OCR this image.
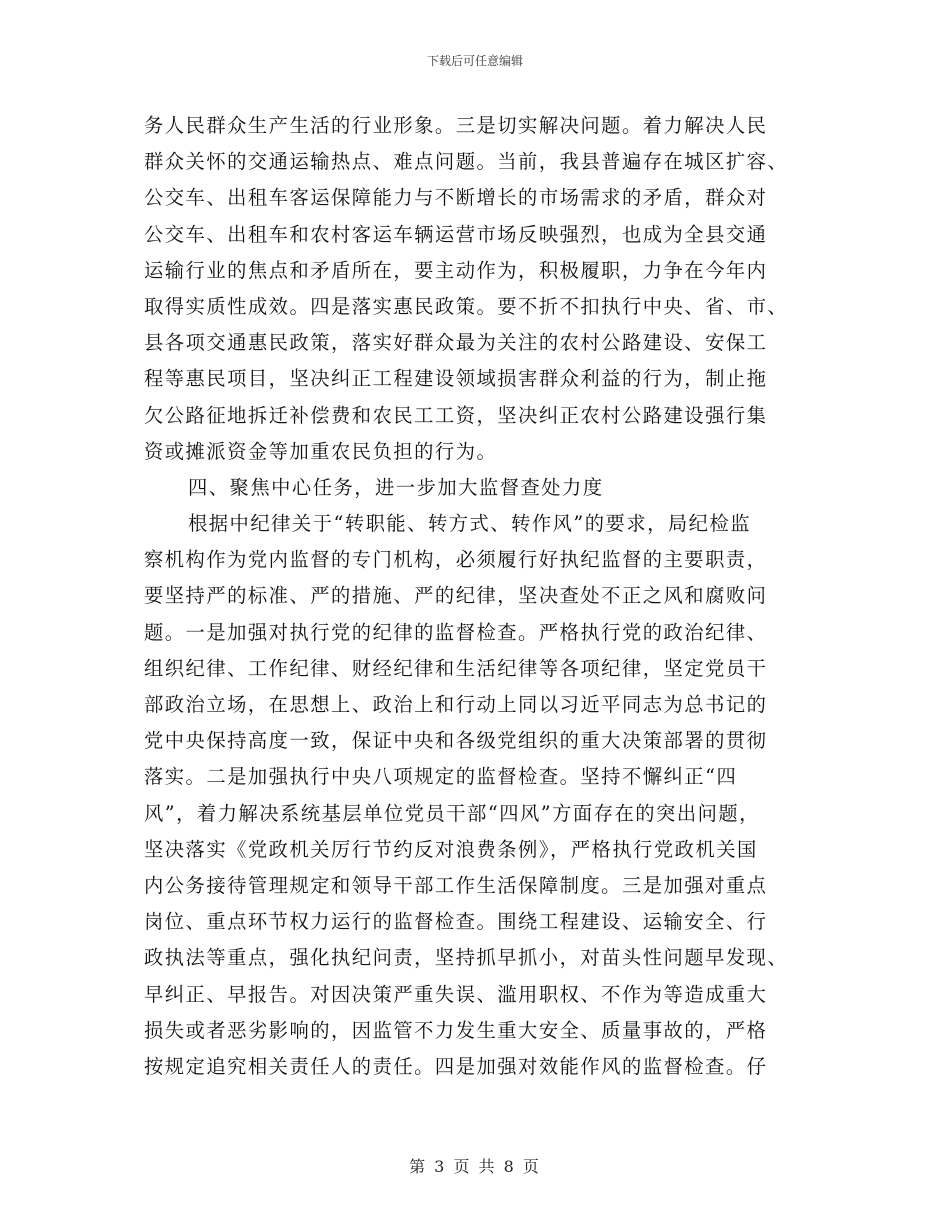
下载后可任意编辑
务人民群众生产生活的行业形象。三是切实解决问题。着力解决人民
群众关怀的交通运输热点、难点问题。当前，我县普遍存在城区扩容、
公交车、出租车客运保障能力与不断增长的市场需求的矛盾，群众对
公交车、出租车和农村客运车辆运营市场反映强烈，也成为全县交通
运输行业的焦点和矛盾所在，要主动作为，积极履职，力争在今年内
取得实质性成效。四是落实惠民政策。要不折不扣执行中央、省、市、
县各项交通惠民政策，落实好群众最为关注的农村公路建设、安保工
程等惠民项目，坚决纠正工程建设领域损害群众利益的行为，制止拖
欠公路征地拆迁补偿费和农民工工资，坚决纠正农村公路建设强行集
资或摊派资金等加重农民负担的行为。
四、聚焦中心任务，进一步加大监督查处力度
根据中纪律关于“转职能、转方式、转作风”的要求，局纪检监
察机构作为党内监督的专门机构，必须履行好执纪监督的主要职责，
要坚持严的标准、严的措施、严的纪律，坚决查处不正之风和腐败问
题。一是加强对执行党的纪律的监督检查。严格执行党的政治纪律、
组织纪律、工作纪律、财经纪律和生活纪律等各项纪律，坚定党员干
部政治立场，在思想上、政治上和行动上同以习近平同志为总书记的
党中央保持高度一致，保证中央和各级党组织的重大决策部署的贯彻
落实。二是加强执行中央八项规定的监督检查。坚持不懈纠正“四
风”，着力解决系统基层单位党员干部“四风”方面存在的突出问题，
坚决落实《党政机关厉行节约反对浪费条例》，严格执行党政机关国
内公务接待管理规定和领导干部工作生活保障制度。三是加强对重点
岗位、重点环节权力运行的监督检查。围绕工程建设、运输安全、行
政执法等重点，强化执纪问责，坚持抓早抓小，对苗头性问题早发现、
早纠正、早报告。对因决策严重失误、滥用职权、不作为等造成重大
损失或者恶劣影响的，因监管不力发生重大安全、质量事故的，严格
按规定追究相关责任人的责任。四是加强对效能作风的监督检查。仔
第 3 页 共 8 页
